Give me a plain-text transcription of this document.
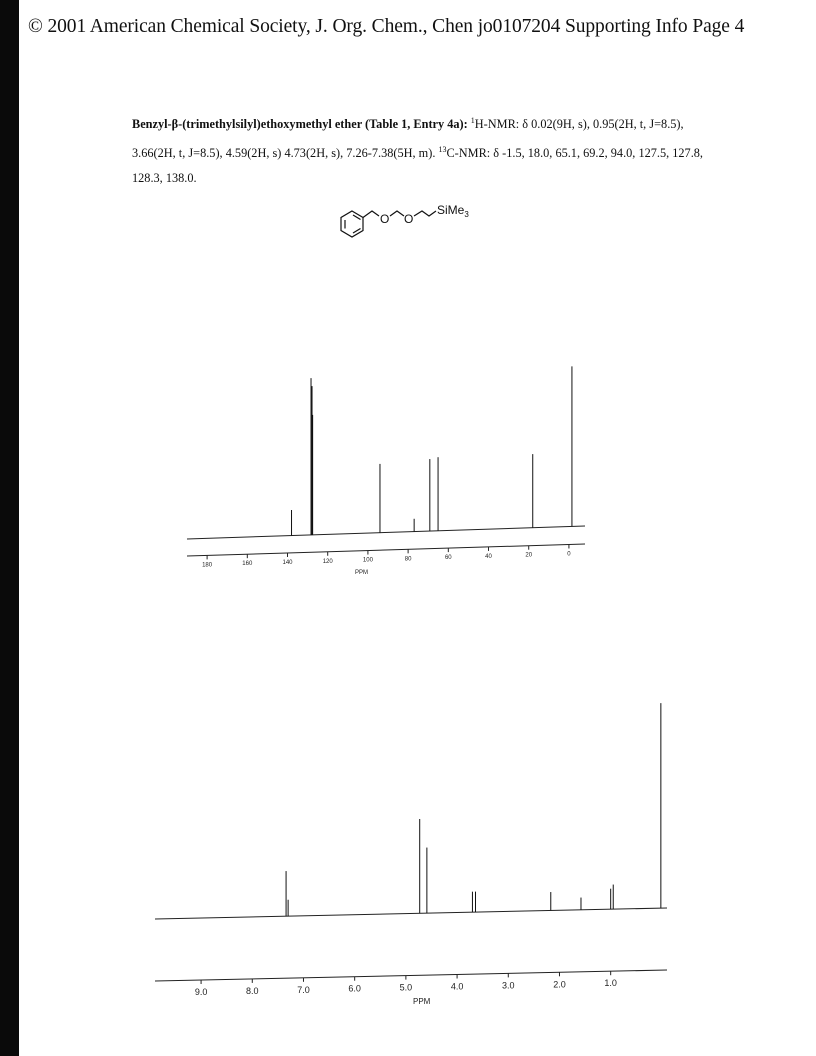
© 2001 American Chemical Society, J. Org. Chem., Chen jo0107204 Supporting Info Page 4
Benzyl-β-(trimethylsilyl)ethoxymethyl ether (Table 1, Entry 4a): $^1$H-NMR: δ 0.02(9H, s), 0.95(2H, t, J=8.5), 3.66(2H, t, J=8.5), 4.59(2H, s) 4.73(2H, s), 7.26-7.38(5H, m). $^{13}$C-NMR: δ -1.5, 18.0, 65.1, 69.2, 94.0, 127.5, 127.8, 128.3, 138.0.
O O
SiMe$_3$
180	160	140	120	100	80	60	40	20	0
PPM
9.0	8.0	7.0	6.0	5.0	4.0	3.0	2.0	1.0
PPM
